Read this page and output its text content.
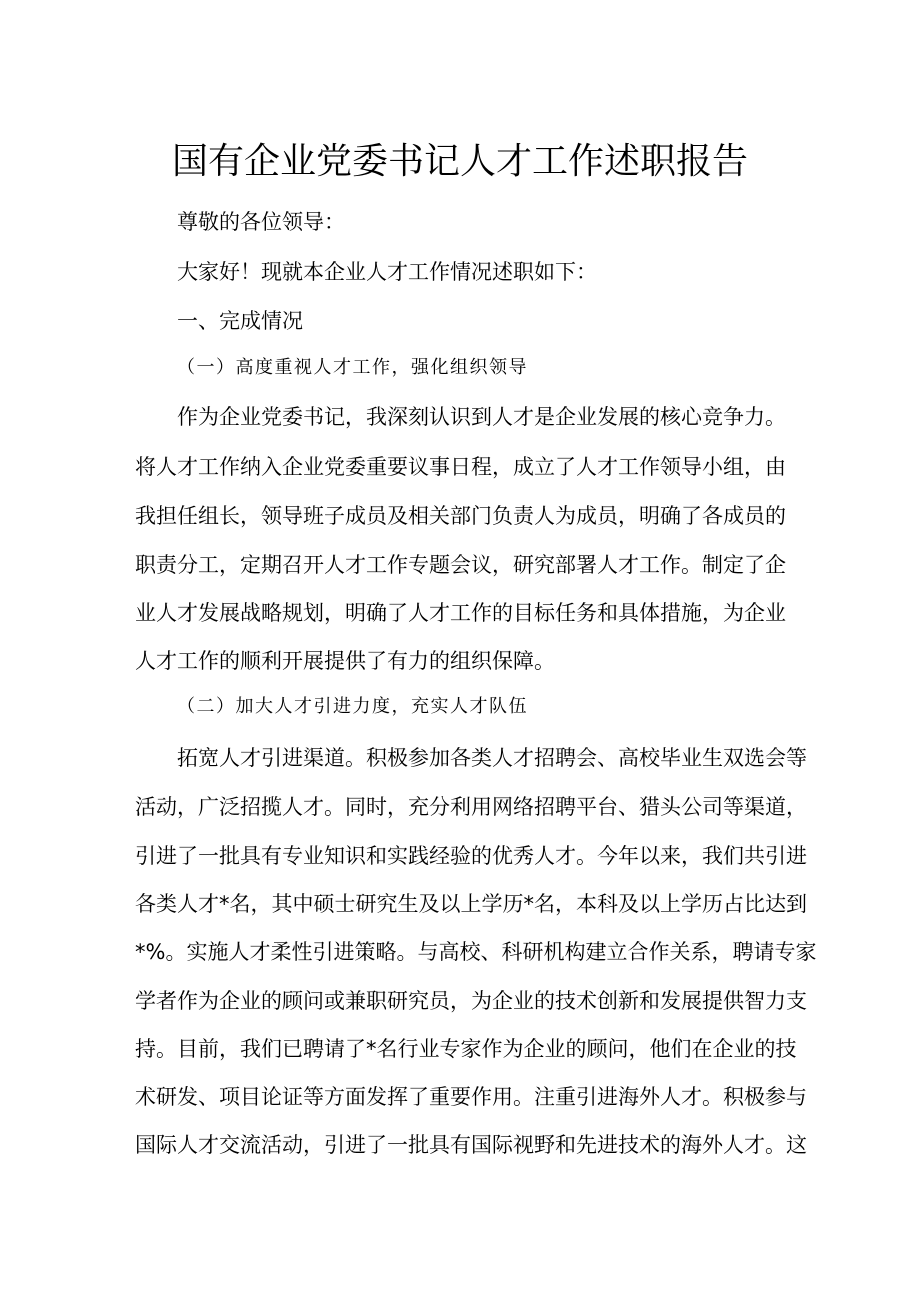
国有企业党委书记人才工作述职报告
尊敬的各位领导：
大家好！现就本企业人才工作情况述职如下：
一、完成情况
（一）高度重视人才工作，强化组织领导
作为企业党委书记，我深刻认识到人才是企业发展的核心竞争力。
将人才工作纳入企业党委重要议事日程，成立了人才工作领导小组，由
我担任组长，领导班子成员及相关部门负责人为成员，明确了各成员的
职责分工，定期召开人才工作专题会议，研究部署人才工作。制定了企
业人才发展战略规划，明确了人才工作的目标任务和具体措施，为企业
人才工作的顺利开展提供了有力的组织保障。
（二）加大人才引进力度，充实人才队伍
拓宽人才引进渠道。积极参加各类人才招聘会、高校毕业生双选会等
活动，广泛招揽人才。同时，充分利用网络招聘平台、猎头公司等渠道，
引进了一批具有专业知识和实践经验的优秀人才。今年以来，我们共引进
各类人才*名，其中硕士研究生及以上学历*名，本科及以上学历占比达到
*%。实施人才柔性引进策略。与高校、科研机构建立合作关系，聘请专家
学者作为企业的顾问或兼职研究员，为企业的技术创新和发展提供智力支
持。目前，我们已聘请了*名行业专家作为企业的顾问，他们在企业的技
术研发、项目论证等方面发挥了重要作用。注重引进海外人才。积极参与
国际人才交流活动，引进了一批具有国际视野和先进技术的海外人才。这
